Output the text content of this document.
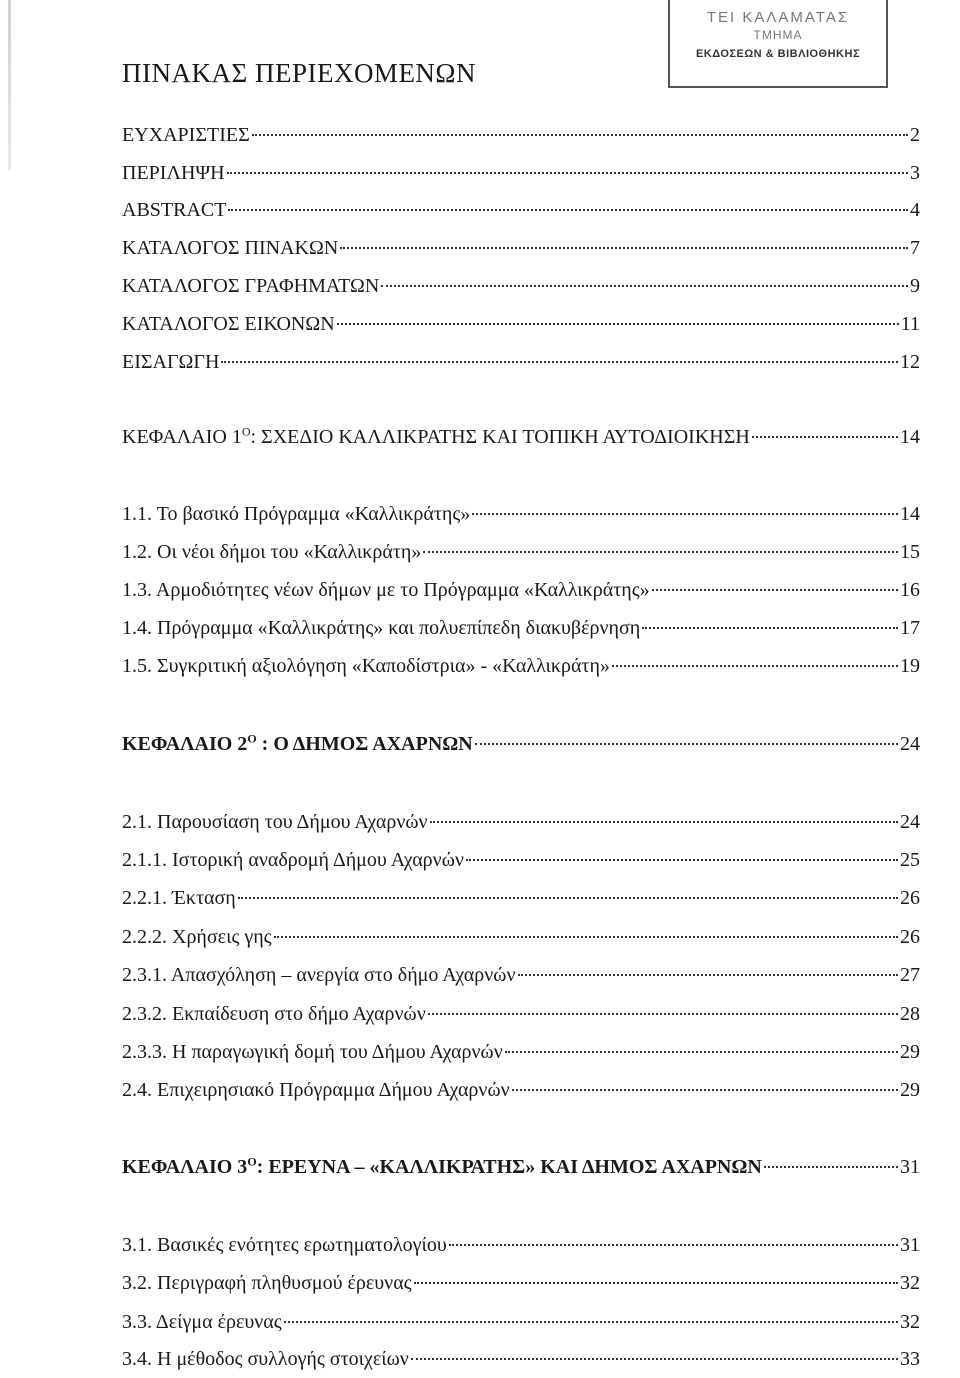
ΤΕΙ ΚΑΛΑΜΑΤΑΣ
ΤΜΗΜΑ
ΕΚΔΟΣΕΩΝ & ΒΙΒΛΙΟΘΗΚΗΣ
ΠΙΝΑΚΑΣ ΠΕΡΙΕΧΟΜΕΝΩΝ
ΕΥΧΑΡΙΣΤΙΕΣ	2
ΠΕΡΙΛΗΨΗ	3
ABSTRACT	4
ΚΑΤΑΛΟΓΟΣ ΠΙΝΑΚΩΝ	7
ΚΑΤΑΛΟΓΟΣ ΓΡΑΦΗΜΑΤΩΝ	9
ΚΑΤΑΛΟΓΟΣ ΕΙΚΟΝΩΝ	11
ΕΙΣΑΓΩΓΗ	12
ΚΕΦΑΛΑΙΟ $1^O$: ΣΧΕΔΙΟ ΚΑΛΛΙΚΡΑΤΗΣ ΚΑΙ ΤΟΠΙΚΗ ΑΥΤΟΔΙΟΙΚΗΣΗ	14
1.1. Το βασικό Πρόγραμμα «Καλλικράτης»	14
1.2. Οι νέοι δήμοι του «Καλλικράτη»	15
1.3. Αρμοδιότητες νέων δήμων με το Πρόγραμμα «Καλλικράτης»	16
1.4. Πρόγραμμα «Καλλικράτης» και πολυεπίπεδη διακυβέρνηση	17
1.5. Συγκριτική αξιολόγηση «Καποδίστρια» - «Καλλικράτη»	19
ΚΕΦΑΛΑΙΟ $2^O$ : Ο ΔΗΜΟΣ ΑΧΑΡΝΩΝ	24
2.1. Παρουσίαση του Δήμου Αχαρνών	24
2.1.1. Ιστορική αναδρομή Δήμου Αχαρνών	25
2.2.1. Έκταση	26
2.2.2. Χρήσεις γης	26
2.3.1. Απασχόληση – ανεργία στο δήμο Αχαρνών	27
2.3.2. Εκπαίδευση στο δήμο Αχαρνών	28
2.3.3. Η παραγωγική δομή του Δήμου Αχαρνών	29
2.4. Επιχειρησιακό Πρόγραμμα Δήμου Αχαρνών	29
ΚΕΦΑΛΑΙΟ $3^O$: ΕΡΕΥΝΑ – «ΚΑΛΛΙΚΡΑΤΗΣ» ΚΑΙ ΔΗΜΟΣ ΑΧΑΡΝΩΝ	31
3.1. Βασικές ενότητες ερωτηματολογίου	31
3.2. Περιγραφή πληθυσμού έρευνας	32
3.3. Δείγμα έρευνας	32
3.4. Η μέθοδος συλλογής στοιχείων	33
